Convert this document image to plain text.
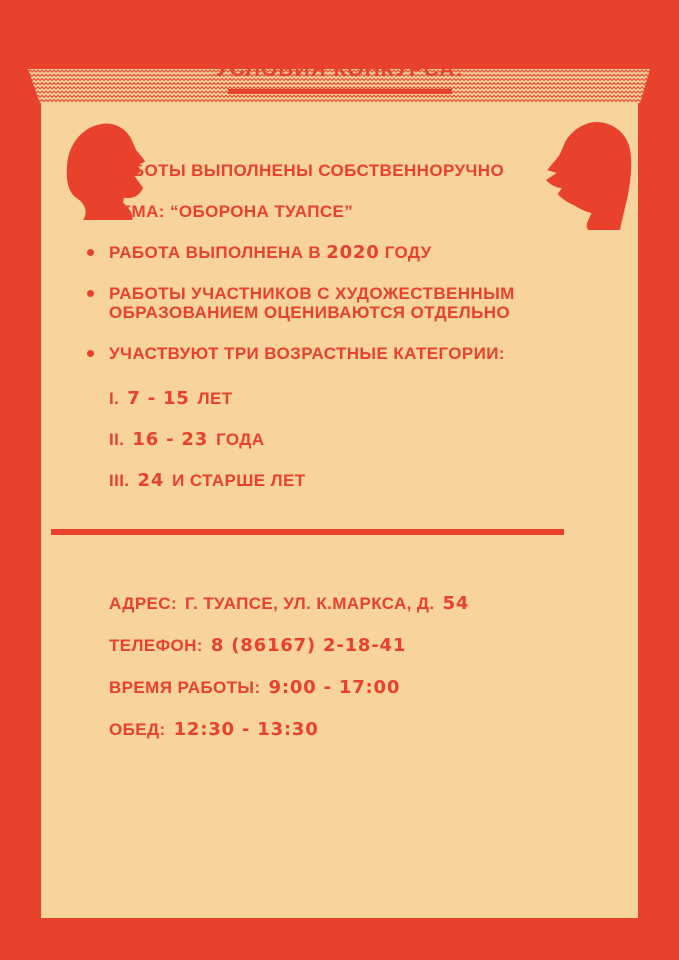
УСЛОВИЯ КОНКУРСА:
РАБОТЫ ВЫПОЛНЕНЫ СОБСТВЕННОРУЧНО
ТЕМА: “ОБОРОНА ТУАПСЕ”
РАБОТА ВЫПОЛНЕНА В 2020 ГОДУ
РАБОТЫ УЧАСТНИКОВ С ХУДОЖЕСТВЕННЫМ ОБРАЗОВАНИЕМ ОЦЕНИВАЮТСЯ ОТДЕЛЬНО
УЧАСТВУЮТ ТРИ ВОЗРАСТНЫЕ КАТЕГОРИИ:
I. 7 - 15 ЛЕТ
II. 16 - 23 ГОДА
III. 24 И СТАРШЕ ЛЕТ
АДРЕС: Г. ТУАПСЕ, УЛ. К.МАРКСА, Д. 54
ТЕЛЕФОН: 8 (86167) 2-18-41
ВРЕМЯ РАБОТЫ: 9:00 - 17:00
ОБЕД: 12:30 - 13:30
